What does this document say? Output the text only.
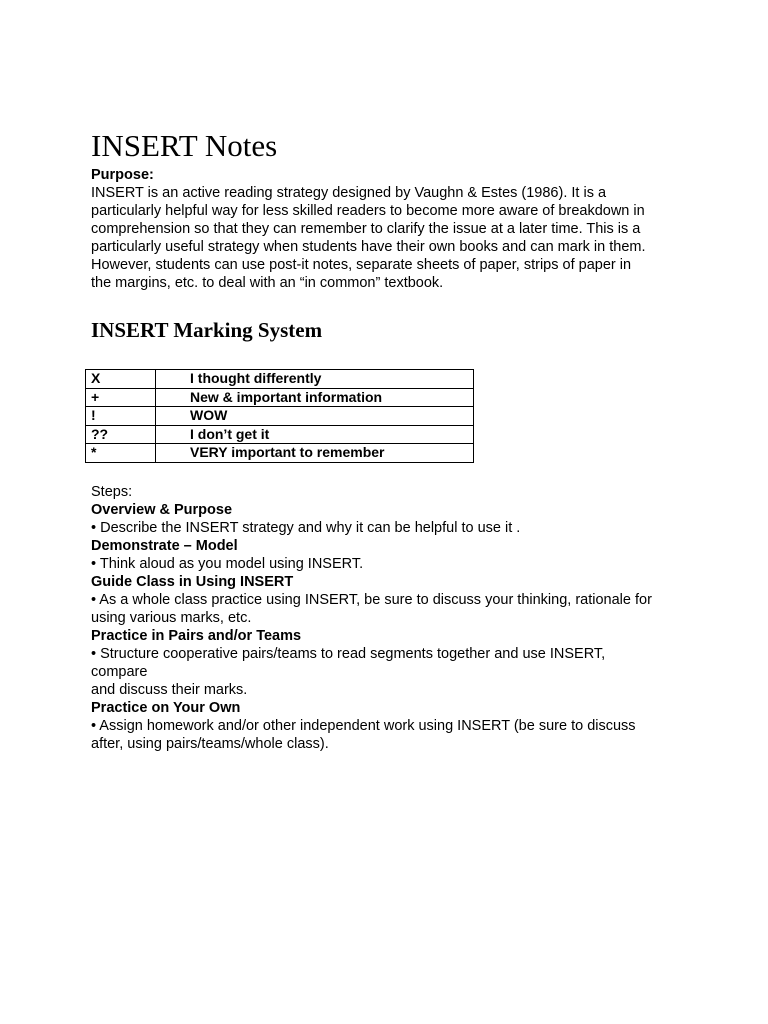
INSERT Notes
Purpose:
INSERT is an active reading strategy designed by Vaughn & Estes (1986). It is a
particularly helpful way for less skilled readers to become more aware of breakdown in
comprehension so that they can remember to clarify the issue at a later time. This is a
particularly useful strategy when students have their own books and can mark in them.
However, students can use post-it notes, separate sheets of paper, strips of paper in
the margins, etc. to deal with an “in common” textbook.
INSERT Marking System
X	I thought differently
+	New & important information
!	WOW
??	I don’t get it
*	VERY important to remember
Steps:
Overview & Purpose
• Describe the INSERT strategy and why it can be helpful to use it .
Demonstrate – Model
• Think aloud as you model using INSERT.
Guide Class in Using INSERT
• As a whole class practice using INSERT, be sure to discuss your thinking, rationale for
using various marks, etc.
Practice in Pairs and/or Teams
• Structure cooperative pairs/teams to read segments together and use INSERT,
compare
and discuss their marks.
Practice on Your Own
• Assign homework and/or other independent work using INSERT (be sure to discuss
after, using pairs/teams/whole class).
